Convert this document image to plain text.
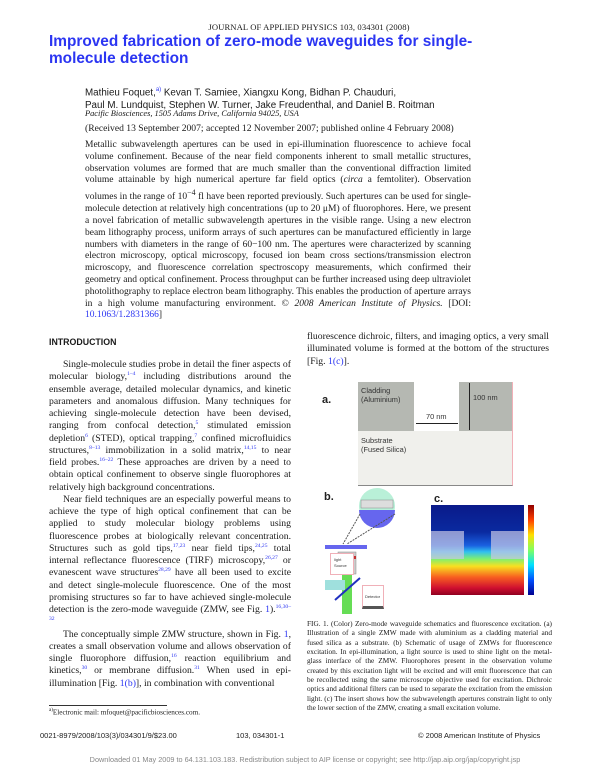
JOURNAL OF APPLIED PHYSICS 103, 034301 (2008)
Improved fabrication of zero-mode waveguides for single-molecule detection
Mathieu Foquet,$^{a)}$ Kevan T. Samiee, Xiangxu Kong, Bidhan P. Chauduri,
Paul M. Lundquist, Stephen W. Turner, Jake Freudenthal, and Daniel B. Roitman
Pacific Biosciences, 1505 Adams Drive, California 94025, USA
(Received 13 September 2007; accepted 12 November 2007; published online 4 February 2008)
Metallic subwavelength apertures can be used in epi-illumination fluorescence to achieve focal volume confinement. Because of the near field components inherent to small metallic structures, observation volumes are formed that are much smaller than the conventional diffraction limited volume attainable by high numerical aperture far field optics (circa a femtoliter). Observation volumes in the range of $10^{-4}$ fl have been reported previously. Such apertures can be used for single-molecule detection at relatively high concentrations (up to 20 μM) of fluorophores. Here, we present a novel fabrication of metallic subwavelength apertures in the visible range. Using a new electron beam lithography process, uniform arrays of such apertures can be manufactured efficiently in large numbers with diameters in the range of 60−100 nm. The apertures were characterized by scanning electron microscopy, optical microscopy, focused ion beam cross sections/transmission electron microscopy, and fluorescence correlation spectroscopy measurements, which confirmed their geometry and optical confinement. Process throughput can be further increased using deep ultraviolet photolithography to replace electron beam lithography. This enables the production of aperture arrays in a high volume manufacturing environment. © 2008 American Institute of Physics. [DOI: 10.1063/1.2831366]
INTRODUCTION

Single-molecule studies probe in detail the finer aspects of molecular biology,$^{1-4}$ including distributions around the ensemble average, detailed molecular dynamics, and kinetic parameters and anomalous diffusion. Many techniques for achieving single-molecule detection have been devised, ranging from confocal detection,$^5$ stimulated emission depletion$^6$ (STED), optical trapping,$^7$ confined microfluidics structures,$^{8-13}$ immobilization in a solid matrix,$^{14,15}$ to near field probes.$^{16-22}$ These approaches are driven by a need to obtain optical confinement to observe single fluorophores at relatively high background concentrations.

Near field techniques are an especially powerful means to achieve the type of high optical confinement that can be applied to study molecular biology problems using fluorescence probes at biologically relevant concentration. Structures such as gold tips,$^{17,23}$ near field tips,$^{24,25}$ total internal reflectance fluorescence (TIRF) microscopy,$^{26,27}$ or evanescent wave structures$^{28,29}$ have all been used to excite and detect single-molecule fluorescence. One of the most promising structures so far to have achieved single-molecule detection is the zero-mode waveguide (ZMW, see Fig. 1).$^{16,30-32}$

The conceptually simple ZMW structure, shown in Fig. 1, creates a small observation volume and allows observation of single fluorophore diffusion,$^{16}$ reaction equilibrium and kinetics,$^{30}$ or membrane diffusion.$^{31}$ When used in epi-illumination [Fig. 1(b)], in combination with conventional

fluorescence dichroic, filters, and imaging optics, a very small illuminated volume is formed at the bottom of the structures [Fig. 1(c)].

a.
Cladding
(Aluminium)
Substrate
(Fused Silica)
70 nm
100 nm
b.
light Source
Detector
c.
FIG. 1. (Color) Zero-mode waveguide schematics and fluorescence excitation. (a) Illustration of a single ZMW made with aluminium as a cladding material and fused silica as a substrate. (b) Schematic of usage of ZMWs for fluorescence excitation. In epi-illumination, a light source is used to shine light on the metal-glass interface of the ZMW. Fluorophores present in the observation volume created by this excitation light will be excited and will emit fluorescence that can be recollected using the same microscope objective used for excitation. Dichroic optics and additional filters can be used to separate the excitation from the emission light. (c) The insert shows how the subwavelength apertures constrain light to only the lower section of the ZMW, creating a small excitation volume.
$^{a)}$Electronic mail: mfoquet@pacificbiosciences.com.
0021-8979/2008/103(3)/034301/9/$23.00	103, 034301-1	© 2008 American Institute of Physics
Downloaded 01 May 2009 to 64.131.103.183. Redistribution subject to AIP license or copyright; see http://jap.aip.org/jap/copyright.jsp
